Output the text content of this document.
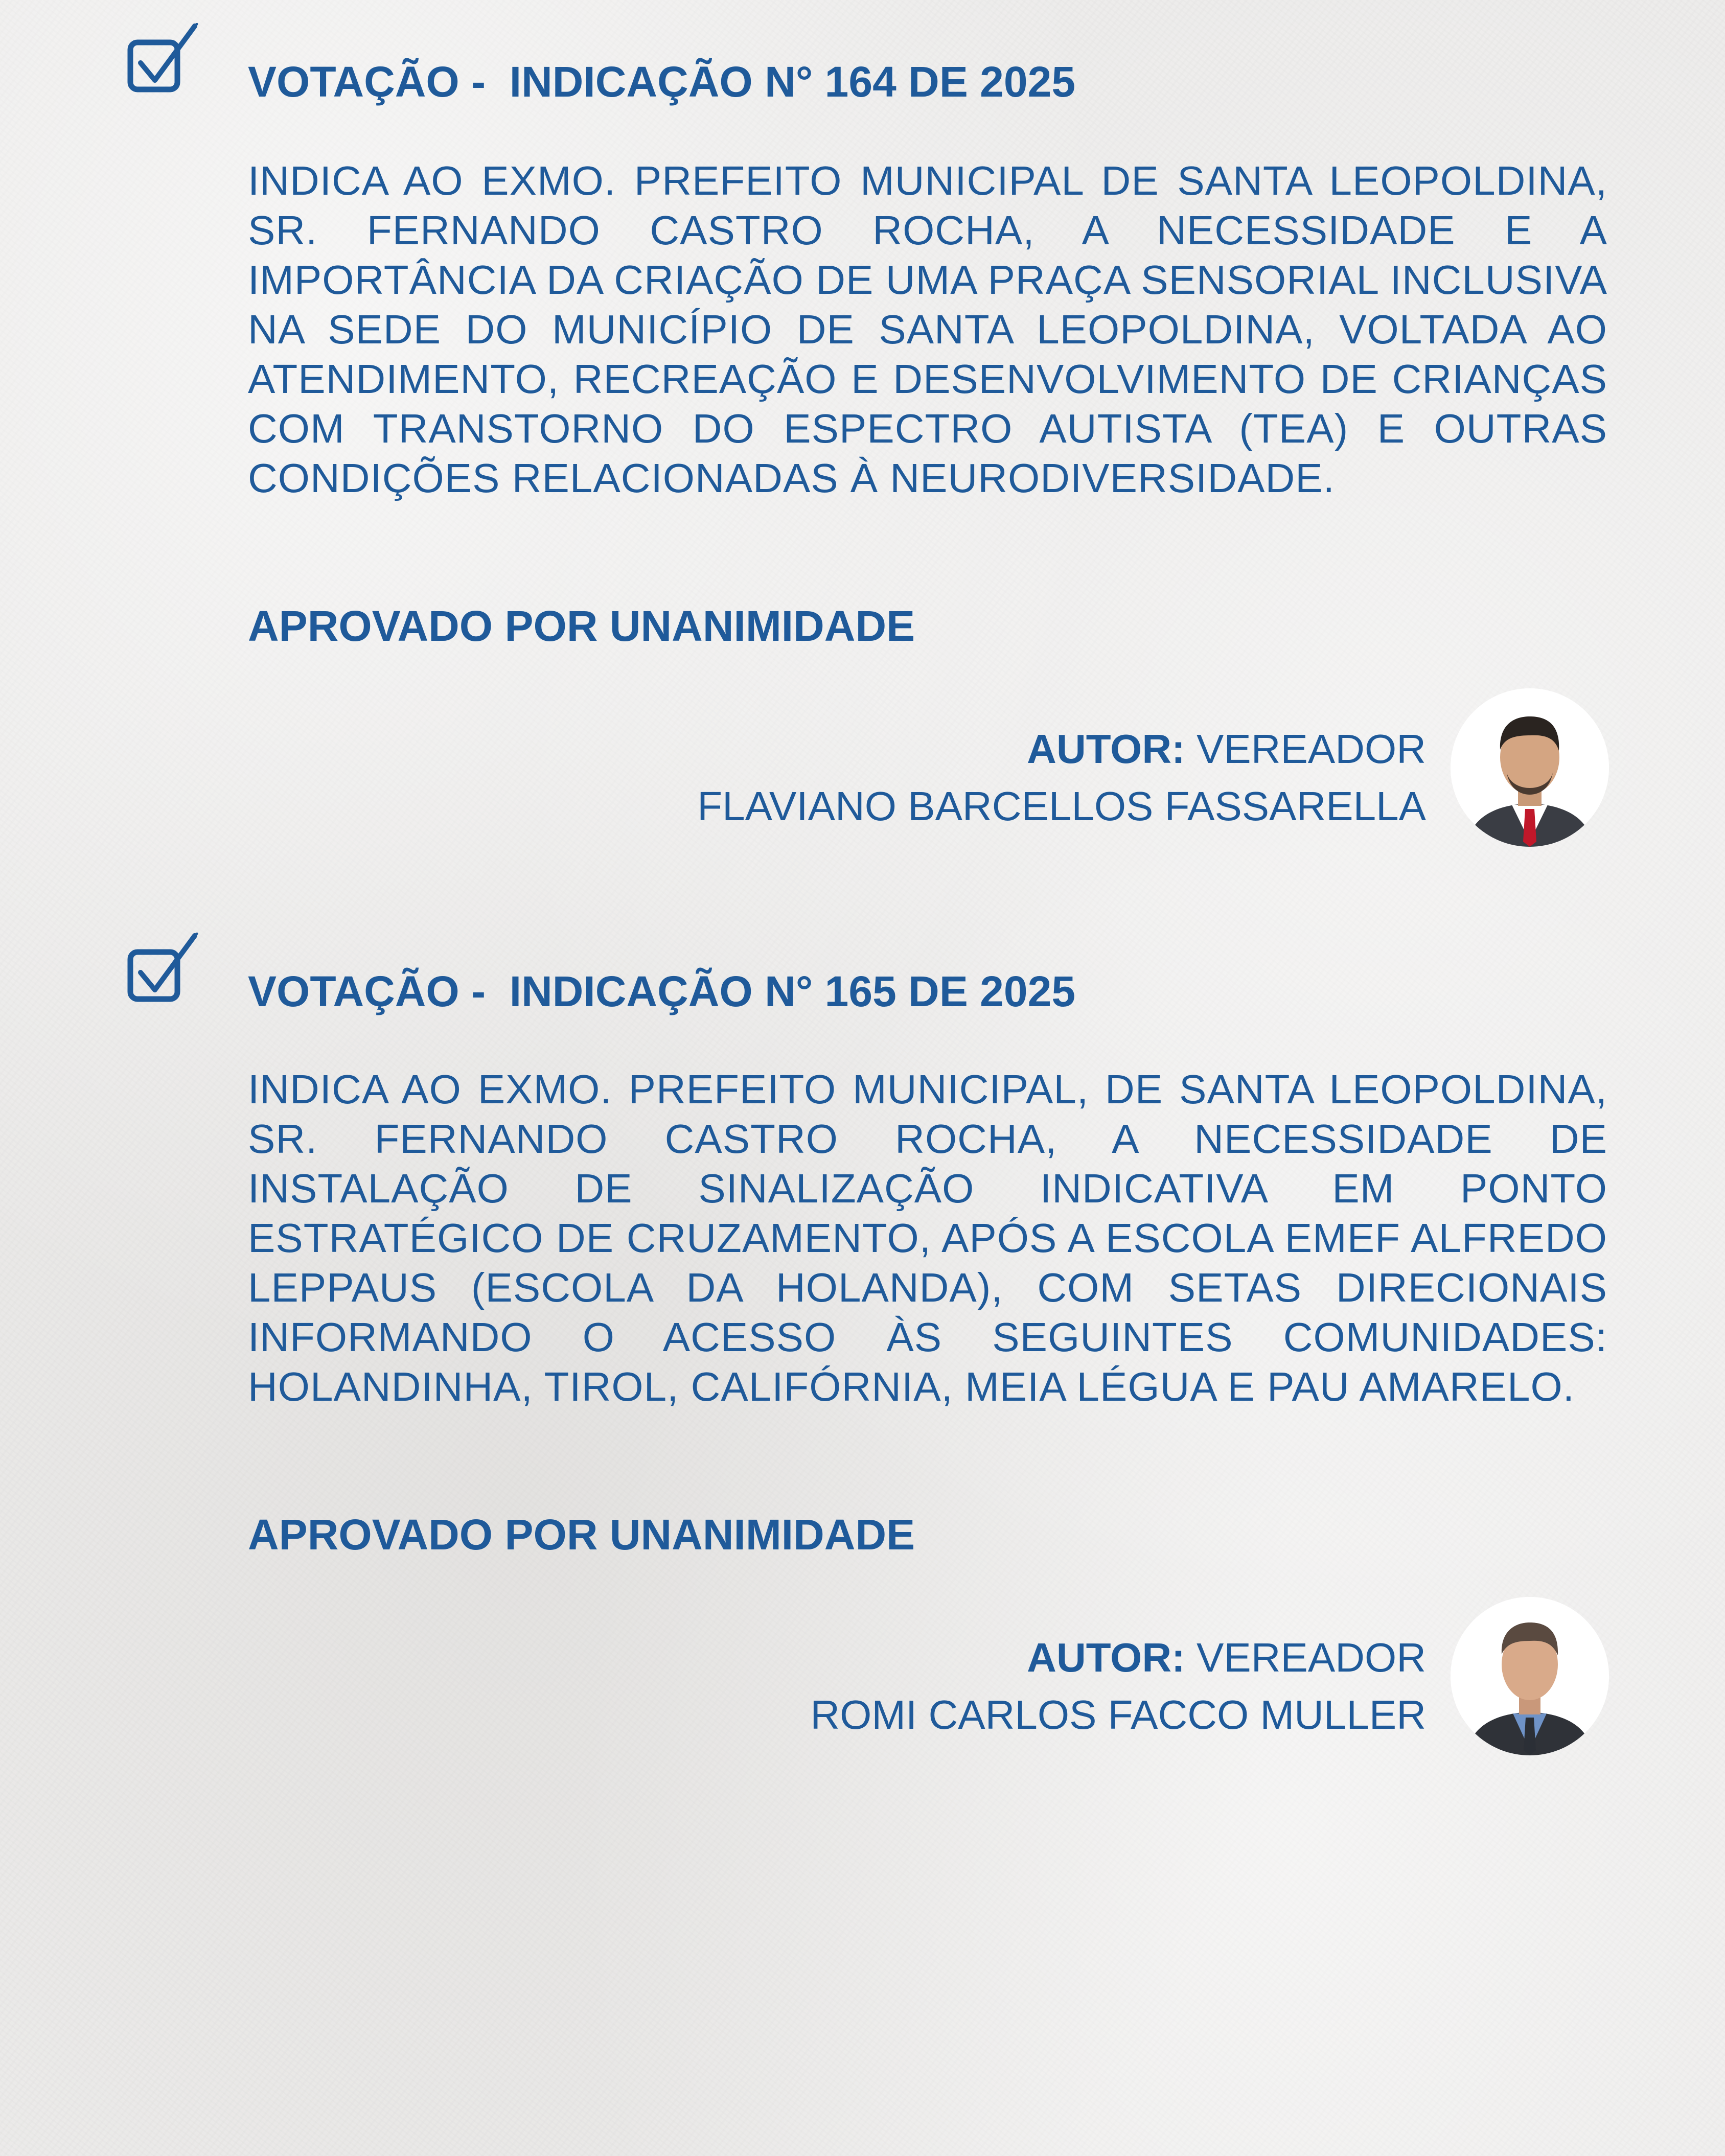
VOTAÇÃO -  INDICAÇÃO N° 164 DE 2025
INDICA AO EXMO. PREFEITO MUNICIPAL DE SANTA LEOPOLDINA, SR. FERNANDO CASTRO ROCHA, A NECESSIDADE E A IMPORTÂNCIA DA CRIAÇÃO DE UMA PRAÇA SENSORIAL INCLUSIVA NA SEDE DO MUNICÍPIO DE SANTA LEOPOLDINA, VOLTADA AO ATENDIMENTO, RECREAÇÃO E DESENVOLVIMENTO DE CRIANÇAS COM TRANSTORNO DO ESPECTRO AUTISTA (TEA) E OUTRAS CONDIÇÕES RELACIONADAS À NEURODIVERSIDADE.
APROVADO POR UNANIMIDADE
AUTOR: VEREADOR
FLAVIANO BARCELLOS FASSARELLA
VOTAÇÃO -  INDICAÇÃO N° 165 DE 2025
INDICA AO EXMO. PREFEITO MUNICIPAL, DE SANTA LEOPOLDINA, SR. FERNANDO CASTRO ROCHA, A NECESSIDADE DE INSTALAÇÃO DE SINALIZAÇÃO INDICATIVA EM PONTO ESTRATÉGICO DE CRUZAMENTO, APÓS A ESCOLA EMEF ALFREDO LEPPAUS (ESCOLA DA HOLANDA), COM SETAS DIRECIONAIS INFORMANDO O ACESSO ÀS SEGUINTES COMUNIDADES: HOLANDINHA, TIROL, CALIFÓRNIA, MEIA LÉGUA E PAU AMARELO.
APROVADO POR UNANIMIDADE
AUTOR: VEREADOR
ROMI CARLOS FACCO MULLER
